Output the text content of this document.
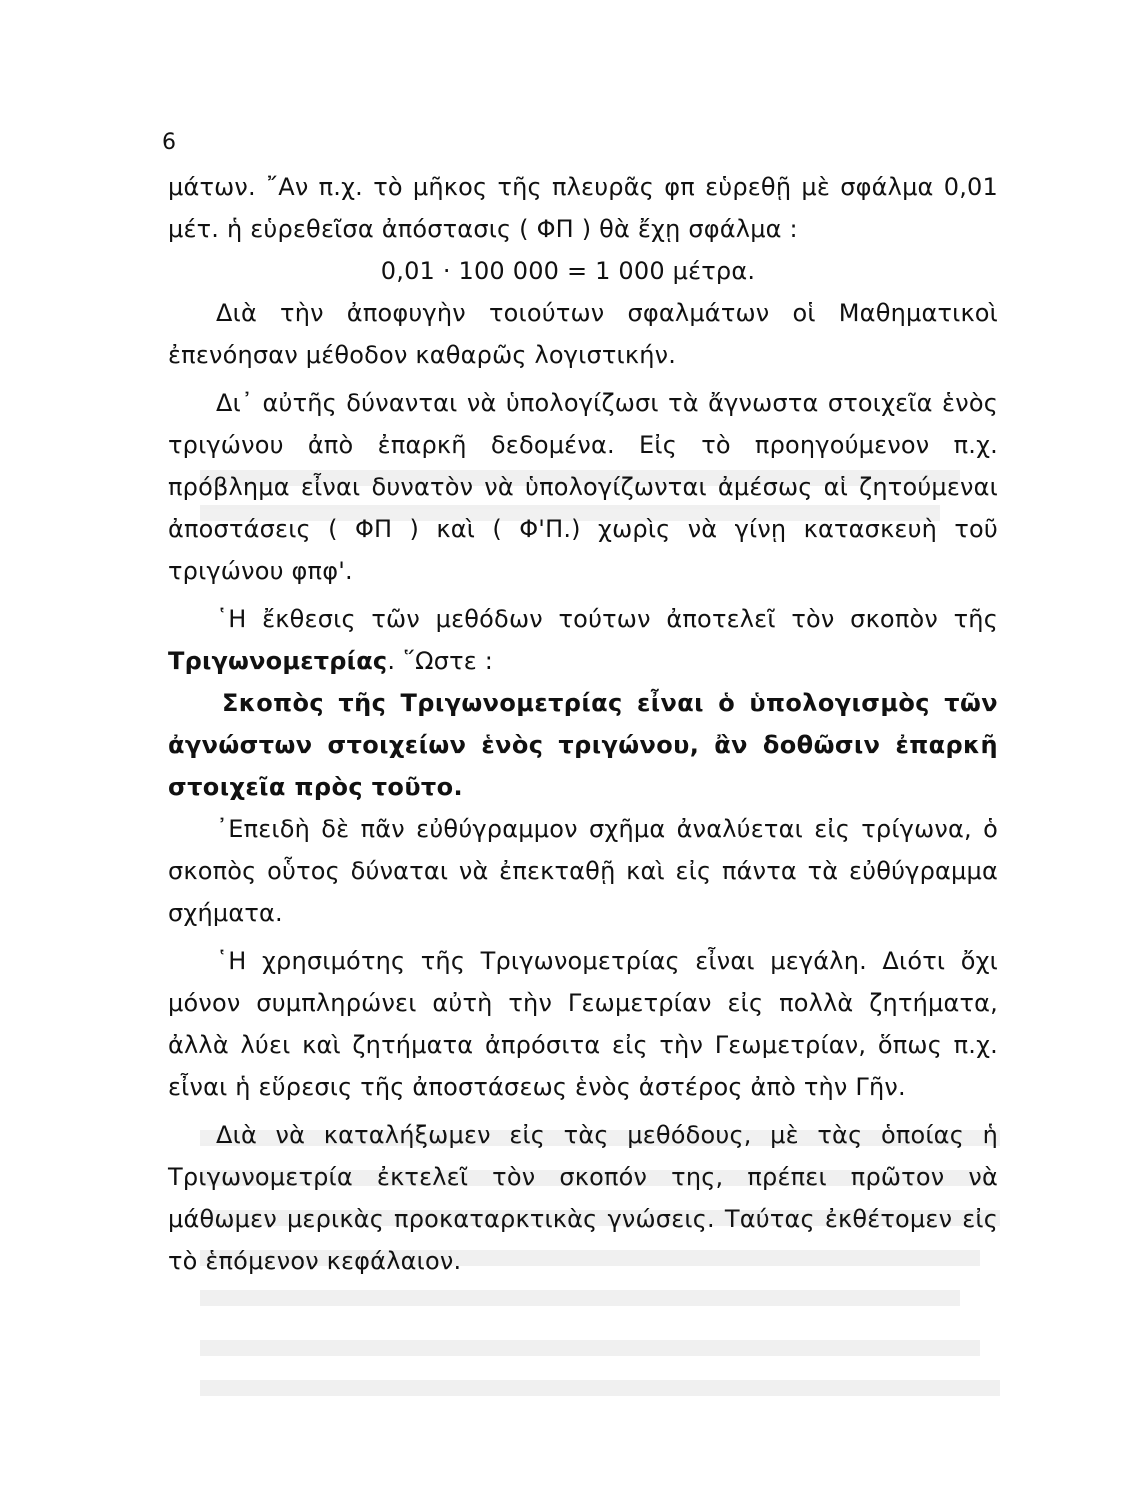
6

μάτων. ῎Αν π.χ. τὸ μῆκος τῆς πλευρᾶς φπ εὑρεθῇ μὲ σφάλμα 0,01 μέτ. ἡ εὑρεθεῖσα ἀπόστασις ( ΦΠ ) θὰ ἔχῃ σφάλμα :

0,01 · 100 000 = 1 000 μέτρα.

Διὰ τὴν ἀποφυγὴν τοιούτων σφαλμάτων οἱ Μαθηματικοὶ ἐπενόησαν μέθοδον καθαρῶς λογιστικήν.

Δι᾽ αὐτῆς δύνανται νὰ ὑπολογίζωσι τὰ ἄγνωστα στοιχεῖα ἑνὸς τριγώνου ἀπὸ ἐπαρκῆ δεδομένα. Εἰς τὸ προηγούμενον π.χ. πρόβλημα εἶναι δυνατὸν νὰ ὑπολογίζωνται ἀμέσως αἱ ζητούμεναι ἀποστάσεις ( ΦΠ ) καὶ ( Φ'Π.) χωρὶς νὰ γίνῃ κατασκευὴ τοῦ τριγώνου φπφ'.

῾Η ἔκθεσις τῶν μεθόδων τούτων ἀποτελεῖ τὸν σκοπὸν τῆς Τριγωνομετρίας. ῞Ωστε :

Σκοπὸς τῆς Τριγωνομετρίας εἶναι ὁ ὑπολογισμὸς τῶν ἀγνώστων στοιχείων ἑνὸς τριγώνου, ἂν δοθῶσιν ἐπαρκῆ στοιχεῖα πρὸς τοῦτο.

᾽Επειδὴ δὲ πᾶν εὐθύγραμμον σχῆμα ἀναλύεται εἰς τρίγωνα, ὁ σκοπὸς οὗτος δύναται νὰ ἐπεκταθῇ καὶ εἰς πάντα τὰ εὐθύγραμμα σχήματα.

῾Η χρησιμότης τῆς Τριγωνομετρίας εἶναι μεγάλη. Διότι ὄχι μόνον συμπληρώνει αὐτὴ τὴν Γεωμετρίαν εἰς πολλὰ ζητήματα, ἀλλὰ λύει καὶ ζητήματα ἀπρόσιτα εἰς τὴν Γεωμετρίαν, ὅπως π.χ. εἶναι ἡ εὕρεσις τῆς ἀποστάσεως ἑνὸς ἀστέρος ἀπὸ τὴν Γῆν.

Διὰ νὰ καταλήξωμεν εἰς τὰς μεθόδους, μὲ τὰς ὁποίας ἡ Τριγωνομετρία ἐκτελεῖ τὸν σκοπόν της, πρέπει πρῶτον νὰ μάθωμεν μερικὰς προκαταρκτικὰς γνώσεις. Ταύτας ἐκθέτομεν εἰς τὸ ἑπόμενον κεφάλαιον.
